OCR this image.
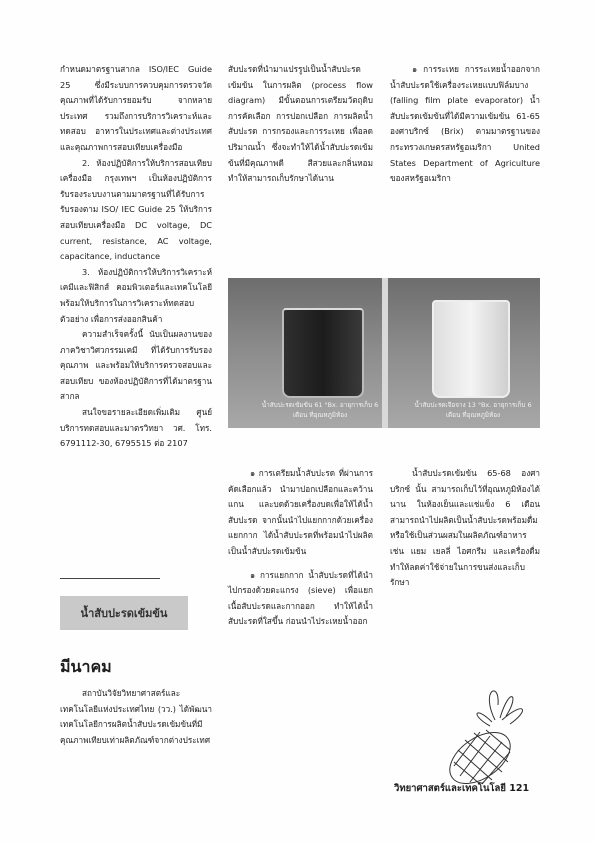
กำหนดมาตรฐานสากล ISO/IEC Guide 25 ซึ่งมีระบบการควบคุมการตรวจวัดคุณภาพที่ได้รับการยอมรับ จากหลายประเทศ รวมถึงการบริการวิเคราะห์และทดสอบ อาหารในประเทศและต่างประเทศ และคุณภาพการสอบเทียบเครื่องมือ

2. ห้องปฏิบัติการให้บริการสอบเทียบเครื่องมือ กรุงเทพฯ เป็นห้องปฏิบัติการรับรองระบบงานตามมาตรฐานที่ได้รับการรับรองตาม ISO/ IEC Guide 25 ให้บริการสอบเทียบเครื่องมือ DC voltage, DC current, resistance, AC voltage, capacitance, inductance

3. ห้องปฏิบัติการให้บริการวิเคราะห์เคมีและฟิสิกส์ คอมพิวเตอร์และเทคโนโลยีพร้อมให้บริการในการวิเคราะห์ทดสอบตัวอย่าง เพื่อการส่งออกสินค้า

ความสำเร็จครั้งนี้ นับเป็นผลงานของภาควิชาวิศวกรรมเคมี ที่ได้รับการรับรองคุณภาพ และพร้อมให้บริการตรวจสอบและสอบเทียบ ของห้องปฏิบัติการที่ได้มาตรฐานสากล

สนใจขอรายละเอียดเพิ่มเติม ศูนย์บริการทดสอบและมาตรวิทยา วศ. โทร. 6791112-30, 6795515 ต่อ 2107

สับปะรดที่นำมาแปรรูปเป็นน้ำสับปะรดเข้มข้น ในการผลิต (process flow diagram) มีขั้นตอนการเตรียมวัตถุดิบ การคัดเลือก การปอกเปลือก การผลิตน้ำสับปะรด การกรองและการระเหย เพื่อลดปริมาณน้ำ ซึ่งจะทำให้ได้น้ำสับปะรดเข้มข้นที่มีคุณภาพดี สีสวยและกลิ่นหอม ทำให้สามารถเก็บรักษาได้นาน

๑ การระเหย การระเหยน้ำออกจากน้ำสับปะรดใช้เครื่องระเหยแบบฟิล์มบาง (falling film plate evaporator) น้ำสับปะรดเข้มข้นที่ได้มีความเข้มข้น 61-65 องศาบริกซ์ (Brix) ตามมาตรฐานของกระทรวงเกษตรสหรัฐอเมริกา United States Department of Agriculture ของสหรัฐอเมริกา

น้ำสับปะรดเข้มข้น 61 °Bx. อายุการเก็บ 6 เดือน ที่อุณหภูมิห้อง
น้ำสับปะรดเจือจาง 13 °Bx. อายุการเก็บ 6 เดือน ที่อุณหภูมิห้อง

๑ การเตรียมน้ำสับปะรด ที่ผ่านการคัดเลือกแล้ว นำมาปอกเปลือกและคว้านแกน และบดด้วยเครื่องบดเพื่อให้ได้น้ำสับปะรด จากนั้นนำไปแยกกากด้วยเครื่องแยกกาก ได้น้ำสับปะรดที่พร้อมนำไปผลิตเป็นน้ำสับปะรดเข้มข้น

๑ การแยกกาก น้ำสับปะรดที่ได้นำไปกรองด้วยตะแกรง (sieve) เพื่อแยกเนื้อสับปะรดและกากออก ทำให้ได้น้ำสับปะรดที่ใสขึ้น ก่อนนำไประเหยน้ำออก

น้ำสับปะรดเข้มข้น 65-68 องศาบริกซ์ นั้น สามารถเก็บไว้ที่อุณหภูมิห้องได้นาน ในห้องเย็นและแช่แข็ง 6 เดือน สามารถนำไปผลิตเป็นน้ำสับปะรดพร้อมดื่ม หรือใช้เป็นส่วนผสมในผลิตภัณฑ์อาหาร เช่น แยม เยลลี่ ไอศกรีม และเครื่องดื่ม ทำให้ลดค่าใช้จ่ายในการขนส่งและเก็บรักษา

น้ำสับปะรดเข้มข้น
มีนาคม

สถาบันวิจัยวิทยาศาสตร์และเทคโนโลยีแห่งประเทศไทย (วว.) ได้พัฒนาเทคโนโลยีการผลิตน้ำสับปะรดเข้มข้นที่มีคุณภาพเทียบเท่าผลิตภัณฑ์จากต่างประเทศ

วิทยาศาสตร์และเทคโนโลยี 121
